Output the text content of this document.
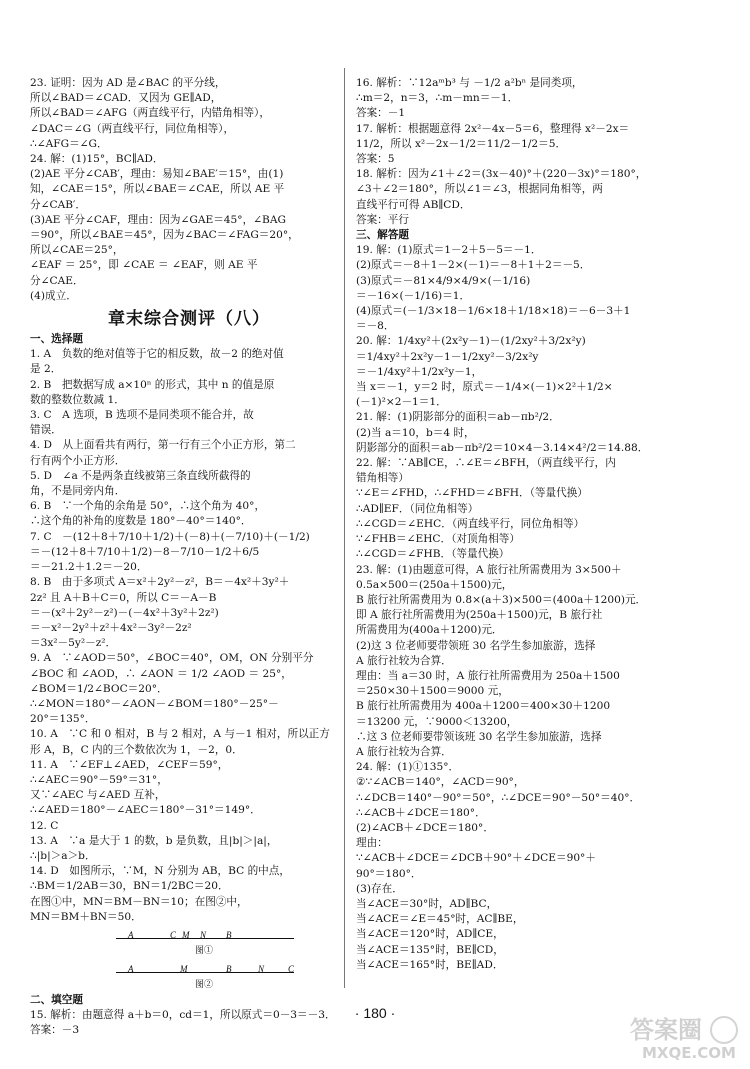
23. 证明：因为 AD 是∠BAC 的平分线，
所以∠BAD＝∠CAD．又因为 GE∥AD，
所以∠BAD＝∠AFG（两直线平行，内错角相等），
∠DAC＝∠G（两直线平行，同位角相等），
∴∠AFG＝∠G．
24. 解：(1)15°，BC∥AD．
(2)AE 平分∠CAB′，理由：易知∠BAE′＝15°，由(1)
知，∠CAE＝15°，所以∠BAE＝∠CAE，所以 AE 平
分∠CAB′．
(3)AE 平分∠CAF，理由：因为∠GAE＝45°，∠BAG
＝90°，所以∠BAE＝45°，因为∠BAC＝∠FAG＝20°，
所以∠CAE＝25°，
∠EAF ＝ 25°，即 ∠CAE ＝ ∠EAF，则 AE 平
分∠CAE．
(4)成立．
章末综合测评（八）
一、选择题
1. A　负数的绝对值等于它的相反数，故－2 的绝对值
是 2．
2. B　把数据写成 a×10ⁿ 的形式，其中 n 的值是原
数的整数位数减 1．
3. C　A 选项，B 选项不是同类项不能合并，故
错误．
4. D　从上面看共有两行，第一行有三个小正方形，第二
行有两个小正方形．
5. D　∠a 不是两条直线被第三条直线所截得的
角，不是同旁内角．
6. B　∵一个角的余角是 50°，∴这个角为 40°，
∴这个角的补角的度数是 180°－40°＝140°．
7. C　－(12＋8＋7/10＋1/2)＋(－8)＋(－7/10)＋(－1/2)
＝－(12＋8＋7/10＋1/2)－8－7/10－1/2＋6/5
＝－21.2＋1.2＝－20．
8. B　由于多项式 A＝x²＋2y²－z²，B＝－4x²＋3y²＋
2z² 且 A＋B＋C＝0，所以 C＝－A－B
＝－(x²＋2y²－z²)－(－4x²＋3y²＋2z²)
＝－x²－2y²＋z²＋4x²－3y²－2z²
＝3x²－5y²－z²．
9. A　∵∠AOD＝50°，∠BOC＝40°，OM，ON 分别平分
∠BOC 和 ∠AOD，∴ ∠AON ＝ 1/2 ∠AOD ＝ 25°，
∠BOM＝1/2∠BOC＝20°．
∴∠MON＝180°－∠AON－∠BOM＝180°－25°－
20°＝135°．
10. A　∵C 和 0 相对，B 与 2 相对，A 与－1 相对，所以正方
形 A，B，C 内的三个数依次为 1，－2，0．
11. A　∵∠EF⊥∠AED，∠CEF＝59°，
∴∠AEC＝90°－59°＝31°，
又∵∠AEC 与∠AED 互补，
∴∠AED＝180°－∠AEC＝180°－31°＝149°．
12. C
13. A　∵a 是大于 1 的数，b 是负数，且|b|＞|a|，
∴|b|＞a＞b．
14. D　如图所示，∵M，N 分别为 AB，BC 的中点，
∴BM＝1/2AB＝30，BN＝1/2BC＝20．
在图①中，MN＝BM－BN＝10；在图②中，
MN＝BM＋BN＝50．
A	C M N B
图①
A	M	B	N	C
图②
二、填空题
15. 解析：由题意得 a＋b＝0，cd＝1，所以原式＝0－3＝－3．
答案：－3
16. 解析：∵12aᵐb³ 与 －1/2 a²bⁿ 是同类项，
∴m＝2，n＝3，∴m－mn＝－1．
答案：－1
17. 解析：根据题意得 2x²－4x－5＝6，整理得 x²－2x＝
11/2，所以 x²－2x－1/2＝11/2－1/2＝5．
答案：5
18. 解析：因为∠1＋∠2＝(3x－40)°＋(220－3x)°＝180°，
∠3＋∠2＝180°，所以∠1＝∠3，根据同角相等，两
直线平行可得 AB∥CD．
答案：平行
三、解答题
19. 解：(1)原式＝1－2＋5－5＝－1．
(2)原式＝－8＋1－2×(－1)＝－8＋1＋2＝－5．
(3)原式＝－81×4/9×4/9×(－1/16)
＝－16×(－1/16)＝1．
(4)原式＝(－1/3×18－1/6×18＋1/18×18)＝－6－3＋1
＝－8．
20. 解：1/4xy²＋(2x²y－1)－(1/2xy²＋3/2x²y)
＝1/4xy²＋2x²y－1－1/2xy²－3/2x²y
＝－1/4xy²＋1/2x²y－1，
当 x＝－1，y＝2 时，原式＝－1/4×(－1)×2²＋1/2×
(－1)²×2－1＝1．
21. 解：(1)阴影部分的面积＝ab－πb²/2．
(2)当 a＝10，b＝4 时，
阴影部分的面积＝ab－πb²/2＝10×4－3.14×4²/2＝14.88．
22. 解：∵AB∥CE，∴∠E＝∠BFH，（两直线平行，内
错角相等）
∵∠E＝∠FHD，∴∠FHD＝∠BFH．（等量代换）
∴AD∥EF．（同位角相等）
∴∠CGD＝∠EHC．（两直线平行，同位角相等）
∵∠FHB＝∠EHC．（对顶角相等）
∴∠CGD＝∠FHB．（等量代换）
23. 解：(1)由题意可得，A 旅行社所需费用为 3×500＋
0.5a×500＝(250a＋1500)元，
B 旅行社所需费用为 0.8×(a＋3)×500＝(400a＋1200)元．
即 A 旅行社所需费用为(250a＋1500)元，B 旅行社
所需费用为(400a＋1200)元．
(2)这 3 位老师要带领班 30 名学生参加旅游，选择
A 旅行社较为合算．
理由：当 a＝30 时，A 旅行社所需费用为 250a＋1500
＝250×30＋1500＝9000 元，
B 旅行社所需费用为 400a＋1200＝400×30＋1200
＝13200 元，∵9000＜13200，
∴这 3 位老师要带领该班 30 名学生参加旅游，选择
A 旅行社较为合算．
24. 解：(1)①135°．
②∵∠ACB＝140°，∠ACD＝90°，
∴∠DCB＝140°－90°＝50°，∴∠DCE＝90°－50°＝40°．
∴∠ACB＋∠DCE＝180°．
(2)∠ACB＋∠DCE＝180°．
理由：
∵∠ACB＋∠DCE＝∠DCB＋90°＋∠DCE＝90°＋
90°＝180°．
(3)存在．
当∠ACE＝30°时，AD∥BC，
当∠ACE＝∠E＝45°时，AC∥BE，
当∠ACE＝120°时，AD∥CE，
当∠ACE＝135°时，BE∥CD，
当∠ACE＝165°时，BE∥AD．
· 180 ·
答案圈
MXQE.COM
